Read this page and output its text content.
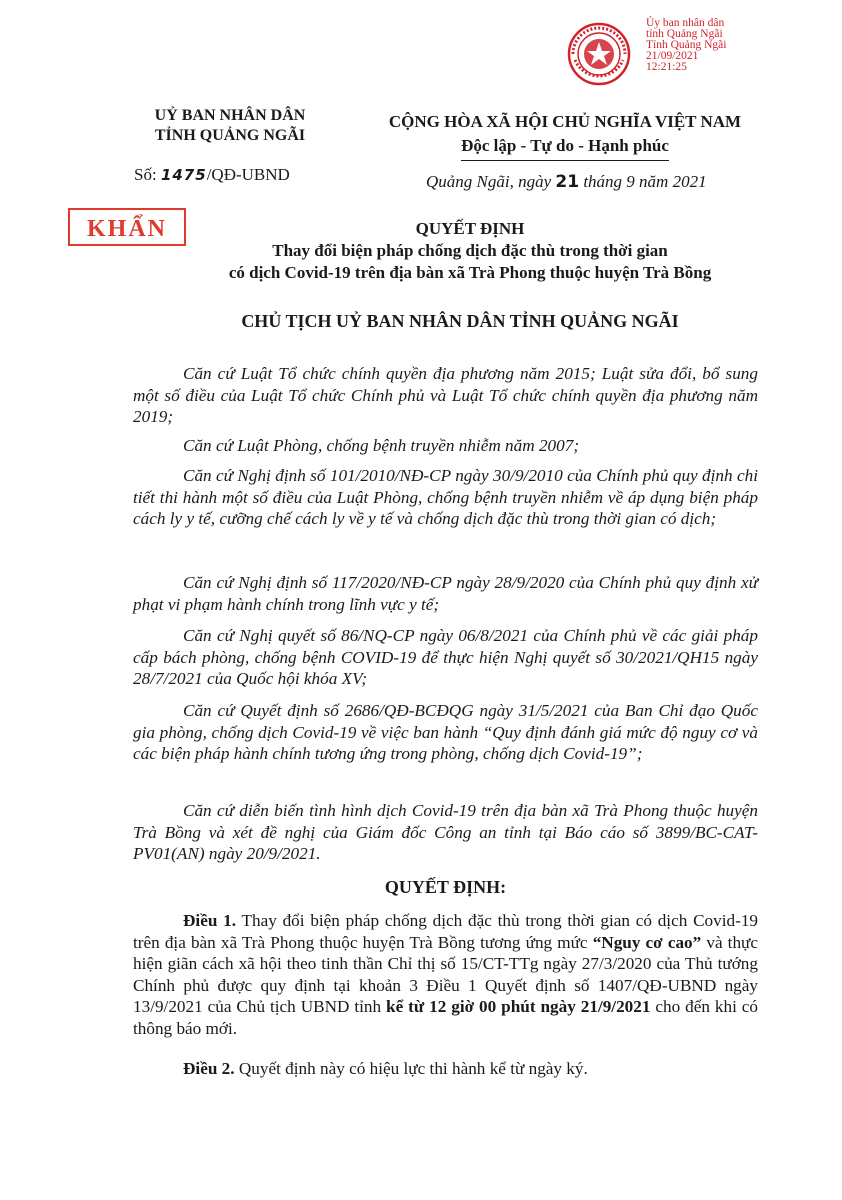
Ủy ban nhân dân
tỉnh Quảng Ngãi
Tỉnh Quảng Ngãi
21/09/2021
12:21:25
UỶ BAN NHÂN DÂN
TỈNH QUẢNG NGÃI
CỘNG HÒA XÃ HỘI CHỦ NGHĨA VIỆT NAM
Độc lập - Tự do - Hạnh phúc
Số: 1475/QĐ-UBND	Quảng Ngãi, ngày 21 tháng 9 năm 2021
KHẨN	QUYẾT ĐỊNH
Thay đổi biện pháp chống dịch đặc thù trong thời gian
có dịch Covid-19 trên địa bàn xã Trà Phong thuộc huyện Trà Bồng
CHỦ TỊCH UỶ BAN NHÂN DÂN TỈNH QUẢNG NGÃI
Căn cứ Luật Tổ chức chính quyền địa phương năm 2015; Luật sửa đổi, bổ sung một số điều của Luật Tổ chức Chính phủ và Luật Tổ chức chính quyền địa phương năm 2019;
Căn cứ Luật Phòng, chống bệnh truyền nhiễm năm 2007;
Căn cứ Nghị định số 101/2010/NĐ-CP ngày 30/9/2010 của Chính phủ quy định chi tiết thi hành một số điều của Luật Phòng, chống bệnh truyền nhiễm về áp dụng biện pháp cách ly y tế, cưỡng chế cách ly về y tế và chống dịch đặc thù trong thời gian có dịch;
Căn cứ Nghị định số 117/2020/NĐ-CP ngày 28/9/2020 của Chính phủ quy định xử phạt vi phạm hành chính trong lĩnh vực y tế;
Căn cứ Nghị quyết số 86/NQ-CP ngày 06/8/2021 của Chính phủ về các giải pháp cấp bách phòng, chống bệnh COVID-19 để thực hiện Nghị quyết số 30/2021/QH15 ngày 28/7/2021 của Quốc hội khóa XV;
Căn cứ Quyết định số 2686/QĐ-BCĐQG ngày 31/5/2021 của Ban Chỉ đạo Quốc gia phòng, chống dịch Covid-19 về việc ban hành “Quy định đánh giá mức độ nguy cơ và các biện pháp hành chính tương ứng trong phòng, chống dịch Covid-19”;
Căn cứ diễn biến tình hình dịch Covid-19 trên địa bàn xã Trà Phong thuộc huyện Trà Bồng và xét đề nghị của Giám đốc Công an tỉnh tại Báo cáo số 3899/BC-CAT-PV01(AN) ngày 20/9/2021.
QUYẾT ĐỊNH:
Điều 1. Thay đổi biện pháp chống dịch đặc thù trong thời gian có dịch Covid-19 trên địa bàn xã Trà Phong thuộc huyện Trà Bồng tương ứng mức “Nguy cơ cao” và thực hiện giãn cách xã hội theo tinh thần Chỉ thị số 15/CT-TTg ngày 27/3/2020 của Thủ tướng Chính phủ được quy định tại khoản 3 Điều 1 Quyết định số 1407/QĐ-UBND ngày 13/9/2021 của Chủ tịch UBND tỉnh kể từ 12 giờ 00 phút ngày 21/9/2021 cho đến khi có thông báo mới.
Điều 2. Quyết định này có hiệu lực thi hành kể từ ngày ký.
